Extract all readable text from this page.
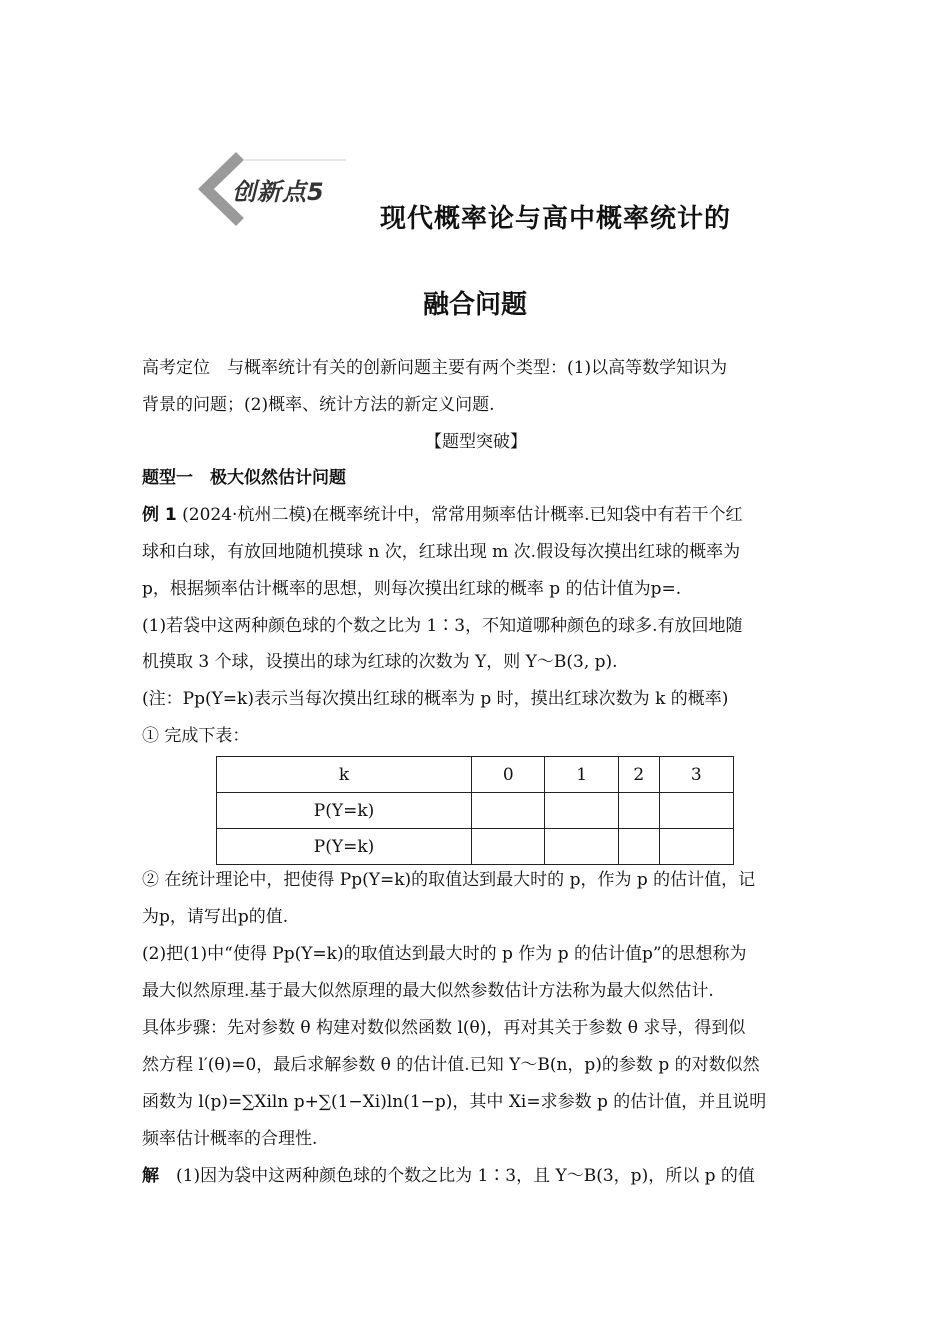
创新点5
现代概率论与高中概率统计的
融合问题
高考定位　与概率统计有关的创新问题主要有两个类型：(1)以高等数学知识为
背景的问题；(2)概率、统计方法的新定义问题.
【题型突破】
题型一　极大似然估计问题
例 1 (2024·杭州二模)在概率统计中，常常用频率估计概率.已知袋中有若干个红
球和白球，有放回地随机摸球 n 次，红球出现 m 次.假设每次摸出红球的概率为
p，根据频率估计概率的思想，则每次摸出红球的概率 p 的估计值为p=.
(1)若袋中这两种颜色球的个数之比为 1∶3，不知道哪种颜色的球多.有放回地随
机摸取 3 个球，设摸出的球为红球的次数为 Y，则 Y～B(3, p).
(注：Pp(Y=k)表示当每次摸出红球的概率为 p 时，摸出红球次数为 k 的概率)
① 完成下表：
k	0	1	2	3
P(Y=k)				
P(Y=k)				
② 在统计理论中，把使得 Pp(Y=k)的取值达到最大时的 p，作为 p 的估计值，记
为p，请写出p的值.
(2)把(1)中“使得 Pp(Y=k)的取值达到最大时的 p 作为 p 的估计值p”的思想称为
最大似然原理.基于最大似然原理的最大似然参数估计方法称为最大似然估计.
具体步骤：先对参数 θ 构建对数似然函数 l(θ)，再对其关于参数 θ 求导，得到似
然方程 l′(θ)=0，最后求解参数 θ 的估计值.已知 Y～B(n，p)的参数 p 的对数似然
函数为 l(p)=∑Xiln p+∑(1−Xi)ln(1−p)，其中 Xi=求参数 p 的估计值，并且说明
频率估计概率的合理性.
解　(1)因为袋中这两种颜色球的个数之比为 1∶3，且 Y～B(3，p)，所以 p 的值
